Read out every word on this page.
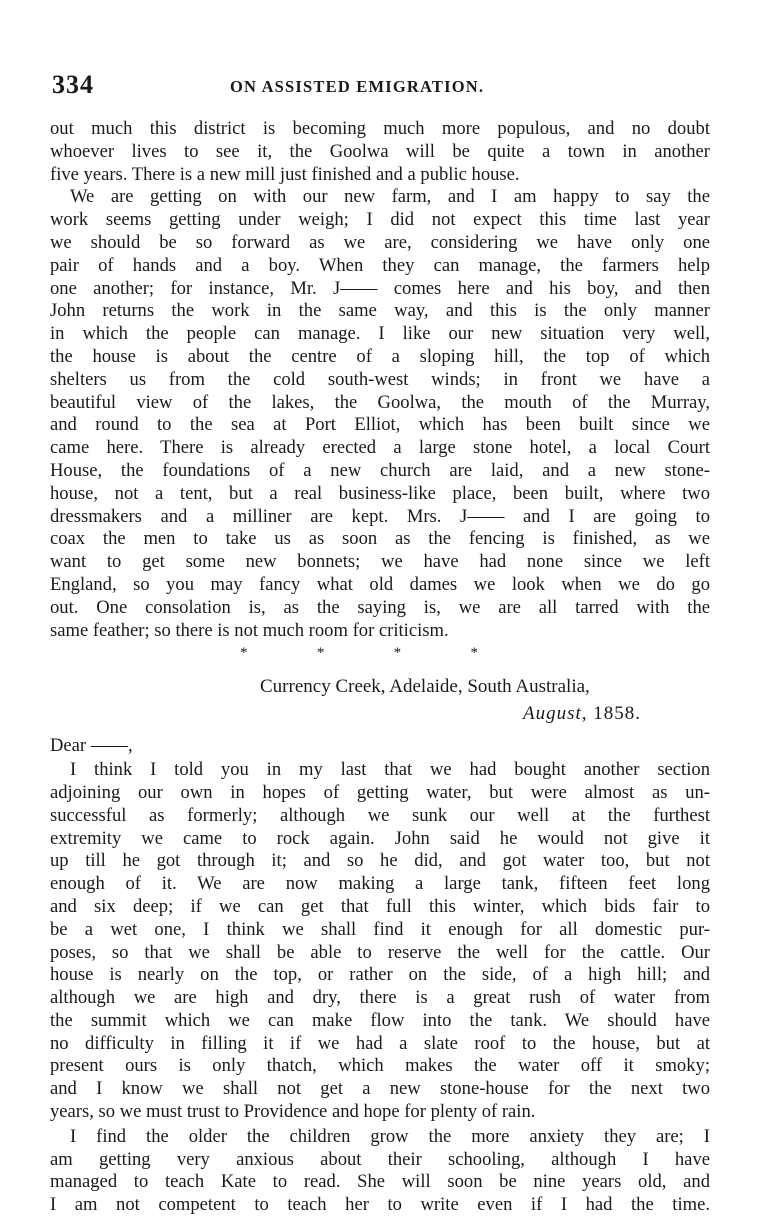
334	ON ASSISTED EMIGRATION.
out much this district is becoming much more populous, and no doubt
whoever lives to see it, the Goolwa will be quite a town in another
five years. There is a new mill just finished and a public house.
We are getting on with our new farm, and I am happy to say the
work seems getting under weigh; I did not expect this time last year
we should be so forward as we are, considering we have only one
pair of hands and a boy. When they can manage, the farmers help
one another; for instance, Mr. J—— comes here and his boy, and then
John returns the work in the same way, and this is the only manner
in which the people can manage. I like our new situation very well,
the house is about the centre of a sloping hill, the top of which
shelters us from the cold south-west winds; in front we have a
beautiful view of the lakes, the Goolwa, the mouth of the Murray,
and round to the sea at Port Elliot, which has been built since we
came here. There is already erected a large stone hotel, a local Court
House, the foundations of a new church are laid, and a new stone-
house, not a tent, but a real business-like place, been built, where two
dressmakers and a milliner are kept. Mrs. J—— and I are going to
coax the men to take us as soon as the fencing is finished, as we
want to get some new bonnets; we have had none since we left
England, so you may fancy what old dames we look when we do go
out. One consolation is, as the saying is, we are all tarred with the
same feather; so there is not much room for criticism.
*	*	*	*
Currency Creek, Adelaide, South Australia,
August, 1858.
Dear ——,
I think I told you in my last that we had bought another section
adjoining our own in hopes of getting water, but were almost as un-
successful as formerly; although we sunk our well at the furthest
extremity we came to rock again. John said he would not give it
up till he got through it; and so he did, and got water too, but not
enough of it. We are now making a large tank, fifteen feet long
and six deep; if we can get that full this winter, which bids fair to
be a wet one, I think we shall find it enough for all domestic pur-
poses, so that we shall be able to reserve the well for the cattle. Our
house is nearly on the top, or rather on the side, of a high hill; and
although we are high and dry, there is a great rush of water from
the summit which we can make flow into the tank. We should have
no difficulty in filling it if we had a slate roof to the house, but at
present ours is only thatch, which makes the water off it smoky;
and I know we shall not get a new stone-house for the next two
years, so we must trust to Providence and hope for plenty of rain.
I find the older the children grow the more anxiety they are; I
am getting very anxious about their schooling, although I have
managed to teach Kate to read. She will soon be nine years old, and
I am not competent to teach her to write even if I had the time.
